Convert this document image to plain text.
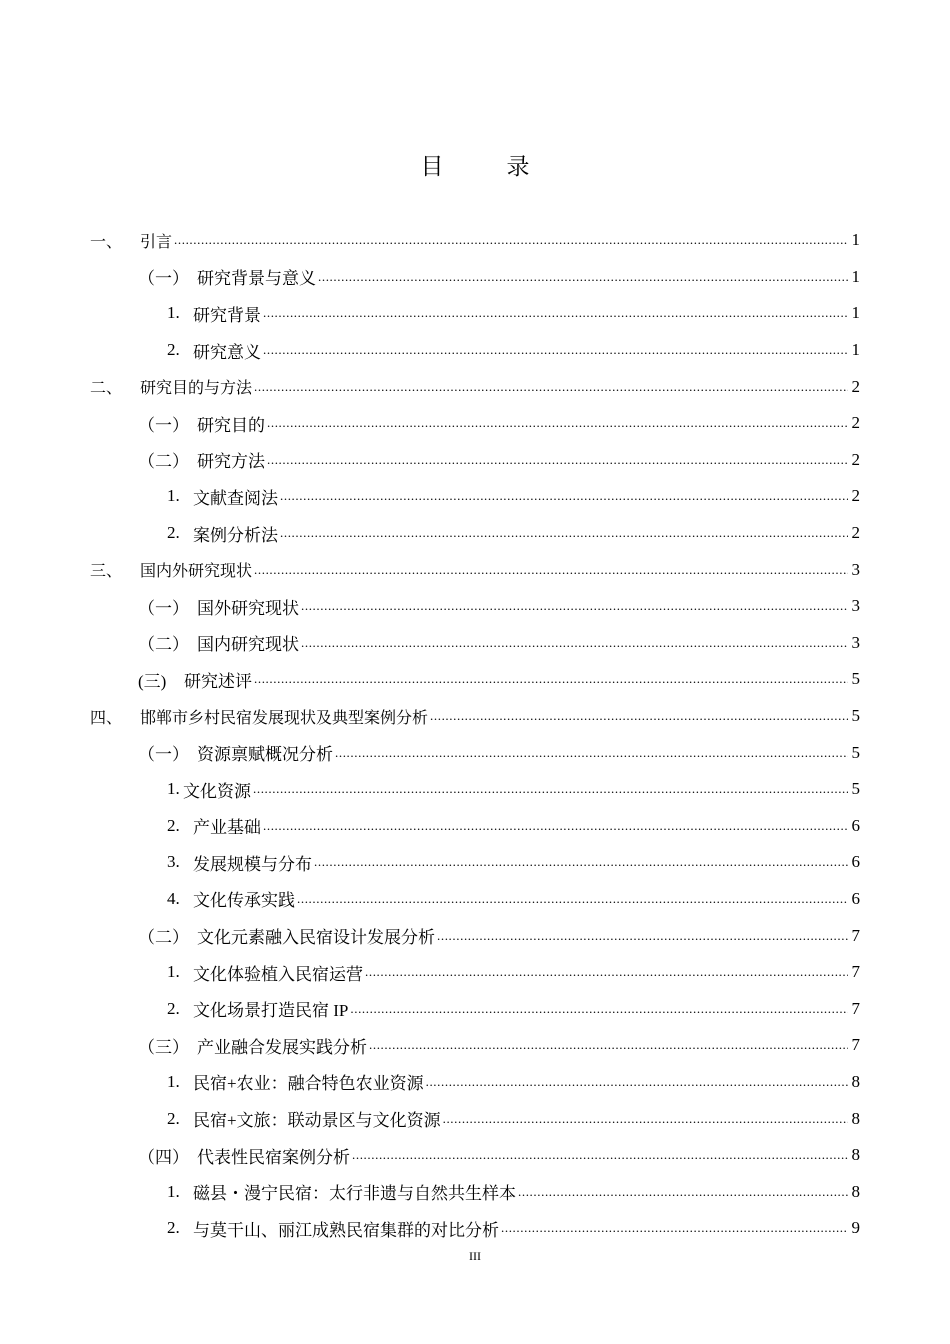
目　录
一、	引言 .....	1
（一） 研究背景与意义 .....	1
1. 研究背景 .....	1
2. 研究意义 .....	1
二、	研究目的与方法 .....	2
（一） 研究目的 .....	2
（二） 研究方法 .....	2
1. 文献查阅法 .....	2
2. 案例分析法 .....	2
三、	国内外研究现状 .....	3
（一） 国外研究现状 .....	3
（二） 国内研究现状 .....	3
(三)	研究述评 .....	5
四、	邯郸市乡村民宿发展现状及典型案例分析 .....	5
（一） 资源禀赋概况分析 .....	5
1. 文化资源 .....	5
2. 产业基础 .....	6
3. 发展规模与分布 .....	6
4. 文化传承实践 .....	6
（二） 文化元素融入民宿设计发展分析 .....	7
1. 文化体验植入民宿运营 .....	7
2. 文化场景打造民宿 IP .....	7
（三） 产业融合发展实践分析 .....	7
1. 民宿+农业：融合特色农业资源 .....	8
2. 民宿+文旅：联动景区与文化资源 .....	8
（四） 代表性民宿案例分析 .....	8
1. 磁县・漫宁民宿：太行非遗与自然共生样本 .....	8
2. 与莫干山、丽江成熟民宿集群的对比分析 .....	9
III
